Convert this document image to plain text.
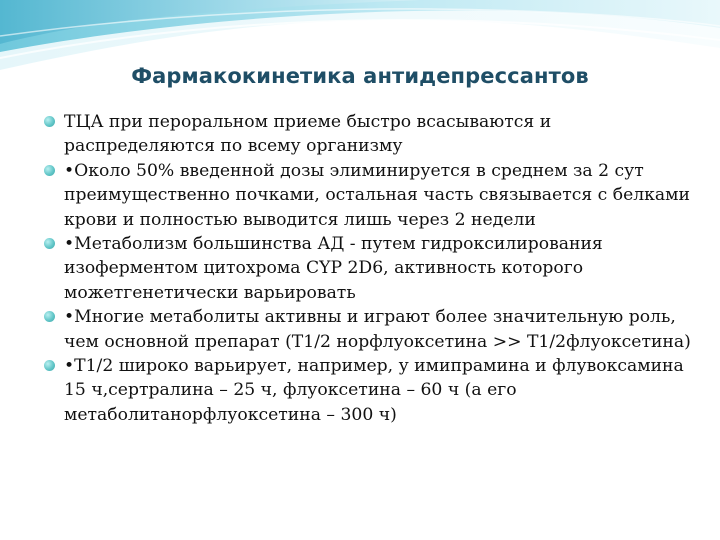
Фармакокинетика антидепрессантов
ТЦА при пероральном приеме быстро всасываются и распределяются по всему организму
•Около 50% введенной дозы элиминируется в среднем за 2 сут преимущественно почками, остальная часть связывается с белками крови и полностью выводится лишь через 2 недели
•Метаболизм большинства АД - путем гидроксилирования изоферментом цитохрома CYP 2D6, активность которого можетгенетически варьировать
•Многие метаболиты активны и играют более значительную роль, чем основной препарат (Т1/2 норфлуоксетина >> Т1/2флуоксетина)
•Т1/2 широко варьирует, например, у имипрамина и флувоксамина 15 ч,сертралина – 25 ч, флуоксетина – 60 ч (а его метаболитанорфлуоксетина – 300 ч)
